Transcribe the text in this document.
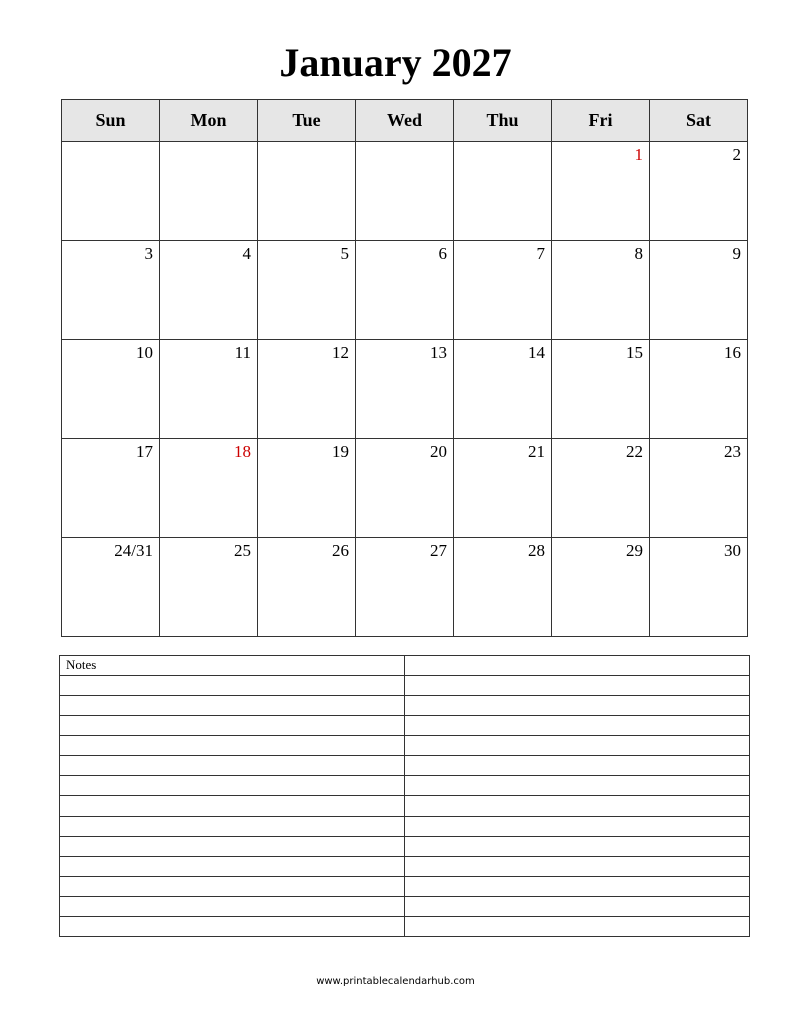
January 2027
Sun	Mon	Tue	Wed	Thu	Fri	Sat

					1	2

3	4	5	6	7	8	9

10	11	12	13	14	15	16

17	18	19	20	21	22	23

24/31	25	26	27	28	29	30
Notes	

www.printablecalendarhub.com
